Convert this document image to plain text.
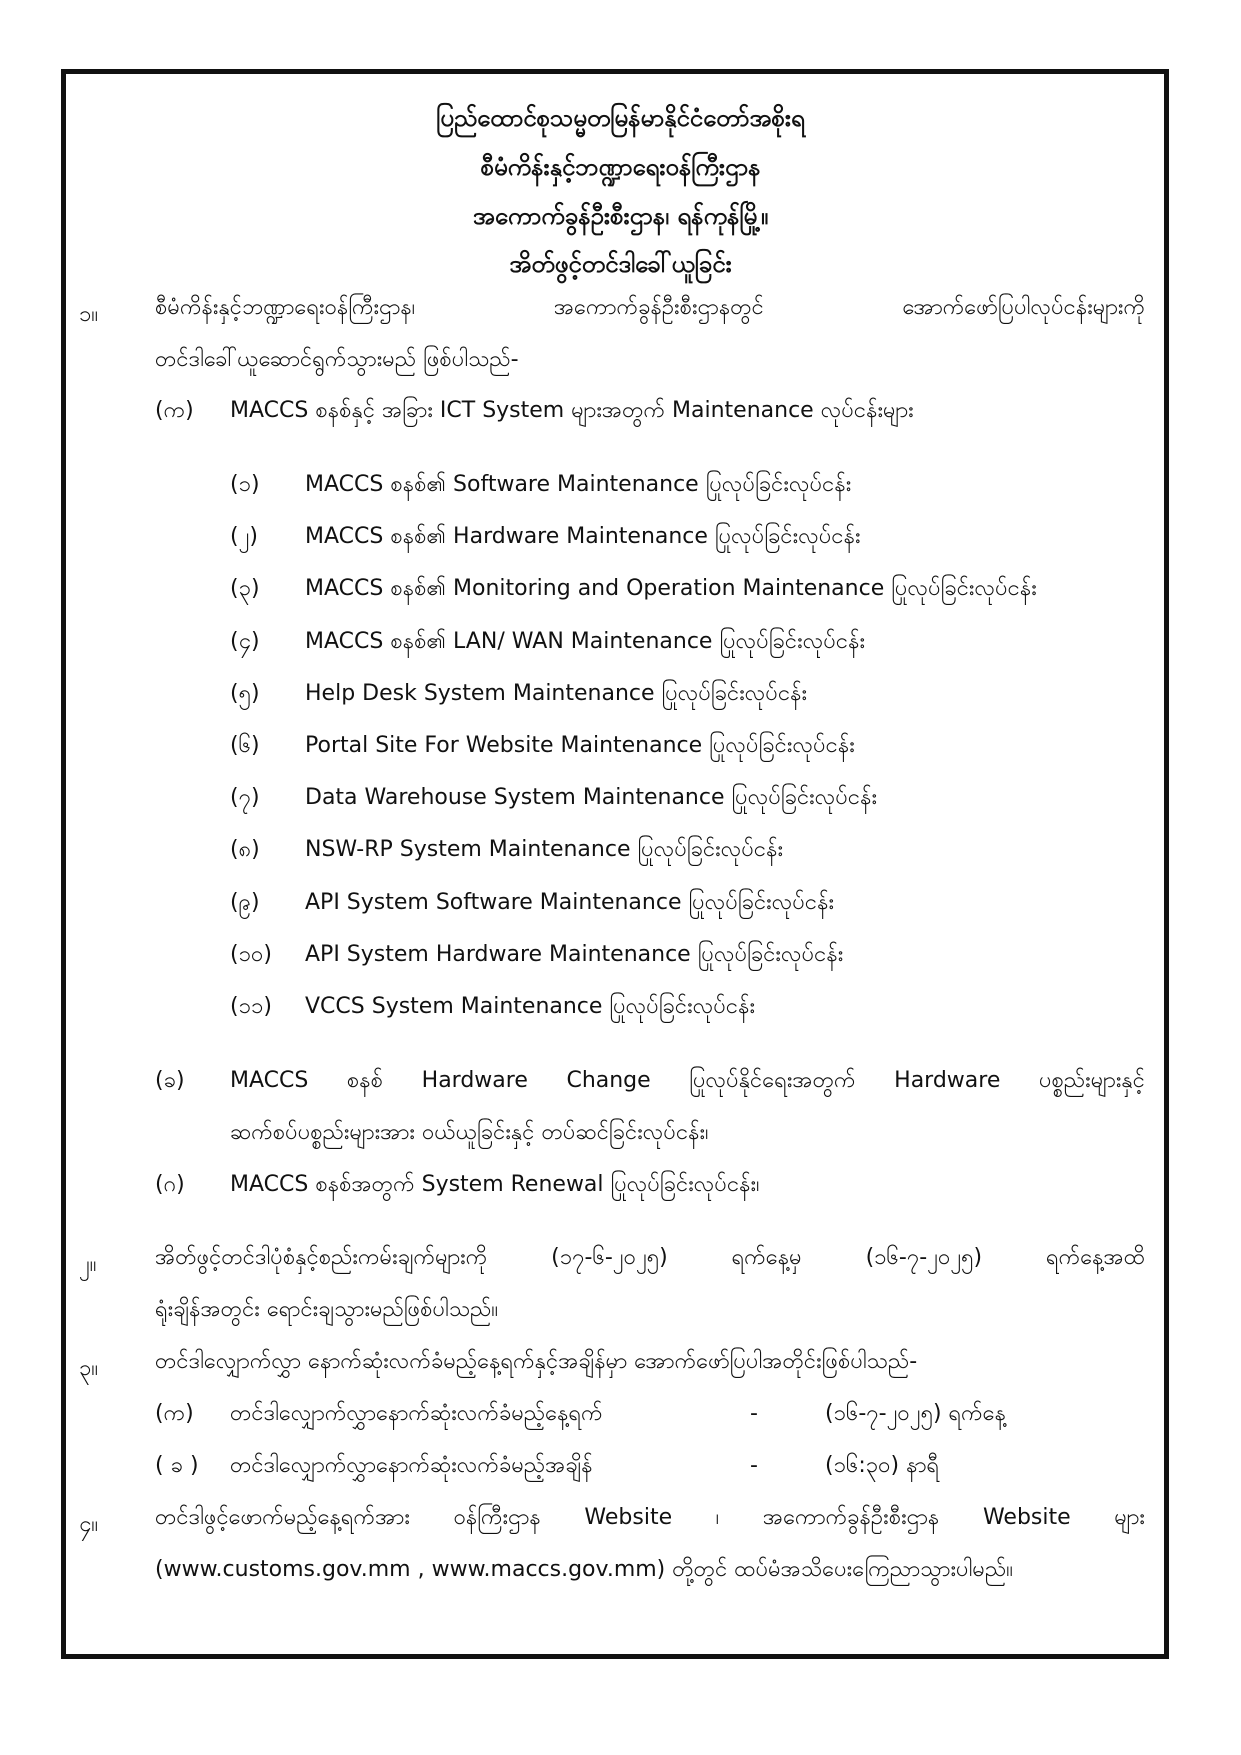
ပြည်ထောင်စုသမ္မတမြန်မာနိုင်ငံတော်အစိုးရ
စီမံကိန်းနှင့်ဘဏ္ဍာရေးဝန်ကြီးဌာန
အကောက်ခွန်ဦးစီးဌာန၊ ရန်ကုန်မြို့။
အိတ်ဖွင့်တင်ဒါခေါ်ယူခြင်း
၁။	စီမံကိန်းနှင့်ဘဏ္ဍာရေးဝန်ကြီးဌာန၊ အကောက်ခွန်ဦးစီးဌာနတွင် အောက်ဖော်ပြပါလုပ်ငန်းများကို
တင်ဒါခေါ်ယူဆောင်ရွက်သွားမည် ဖြစ်ပါသည်-
(က) MACCS စနစ်နှင့် အခြား ICT System များအတွက် Maintenance လုပ်ငန်းများ
(၁) MACCS စနစ်၏ Software Maintenance ပြုလုပ်ခြင်းလုပ်ငန်း
(၂) MACCS စနစ်၏ Hardware Maintenance ပြုလုပ်ခြင်းလုပ်ငန်း
(၃) MACCS စနစ်၏ Monitoring and Operation Maintenance ပြုလုပ်ခြင်းလုပ်ငန်း
(၄) MACCS စနစ်၏ LAN/ WAN Maintenance ပြုလုပ်ခြင်းလုပ်ငန်း
(၅) Help Desk System Maintenance ပြုလုပ်ခြင်းလုပ်ငန်း
(၆) Portal Site For Website Maintenance ပြုလုပ်ခြင်းလုပ်ငန်း
(၇) Data Warehouse System Maintenance ပြုလုပ်ခြင်းလုပ်ငန်း
(၈) NSW-RP System Maintenance ပြုလုပ်ခြင်းလုပ်ငန်း
(၉) API System Software Maintenance ပြုလုပ်ခြင်းလုပ်ငန်း
(၁၀) API System Hardware Maintenance ပြုလုပ်ခြင်းလုပ်ငန်း
(၁၁) VCCS System Maintenance ပြုလုပ်ခြင်းလုပ်ငန်း
(ခ) MACCS စနစ် Hardware Change ပြုလုပ်နိုင်ရေးအတွက် Hardware ပစ္စည်းများနှင့်
ဆက်စပ်ပစ္စည်းများအား ဝယ်ယူခြင်းနှင့် တပ်ဆင်ခြင်းလုပ်ငန်း၊
(ဂ) MACCS စနစ်အတွက် System Renewal ပြုလုပ်ခြင်းလုပ်ငန်း၊
၂။	အိတ်ဖွင့်တင်ဒါပုံစံနှင့်စည်းကမ်းချက်များကို (၁၇-၆-၂၀၂၅) ရက်နေ့မှ (၁၆-၇-၂၀၂၅) ရက်နေ့အထိ
ရုံးချိန်အတွင်း ရောင်းချသွားမည်ဖြစ်ပါသည်။
၃။	တင်ဒါလျှောက်လွှာ နောက်ဆုံးလက်ခံမည့်နေ့ရက်နှင့်အချိန်မှာ အောက်ဖော်ပြပါအတိုင်းဖြစ်ပါသည်-
(က) တင်ဒါလျှောက်လွှာနောက်ဆုံးလက်ခံမည့်နေ့ရက်	-	(၁၆-၇-၂၀၂၅) ရက်နေ့
( ခ ) တင်ဒါလျှောက်လွှာနောက်ဆုံးလက်ခံမည့်အချိန်	-	(၁၆:၃၀) နာရီ
၄။	တင်ဒါဖွင့်ဖောက်မည့်နေ့ရက်အား ဝန်ကြီးဌာန Website ၊ အကောက်ခွန်ဦးစီးဌာန Website များ
(www.customs.gov.mm , www.maccs.gov.mm) တို့တွင် ထပ်မံအသိပေးကြေညာသွားပါမည်။
